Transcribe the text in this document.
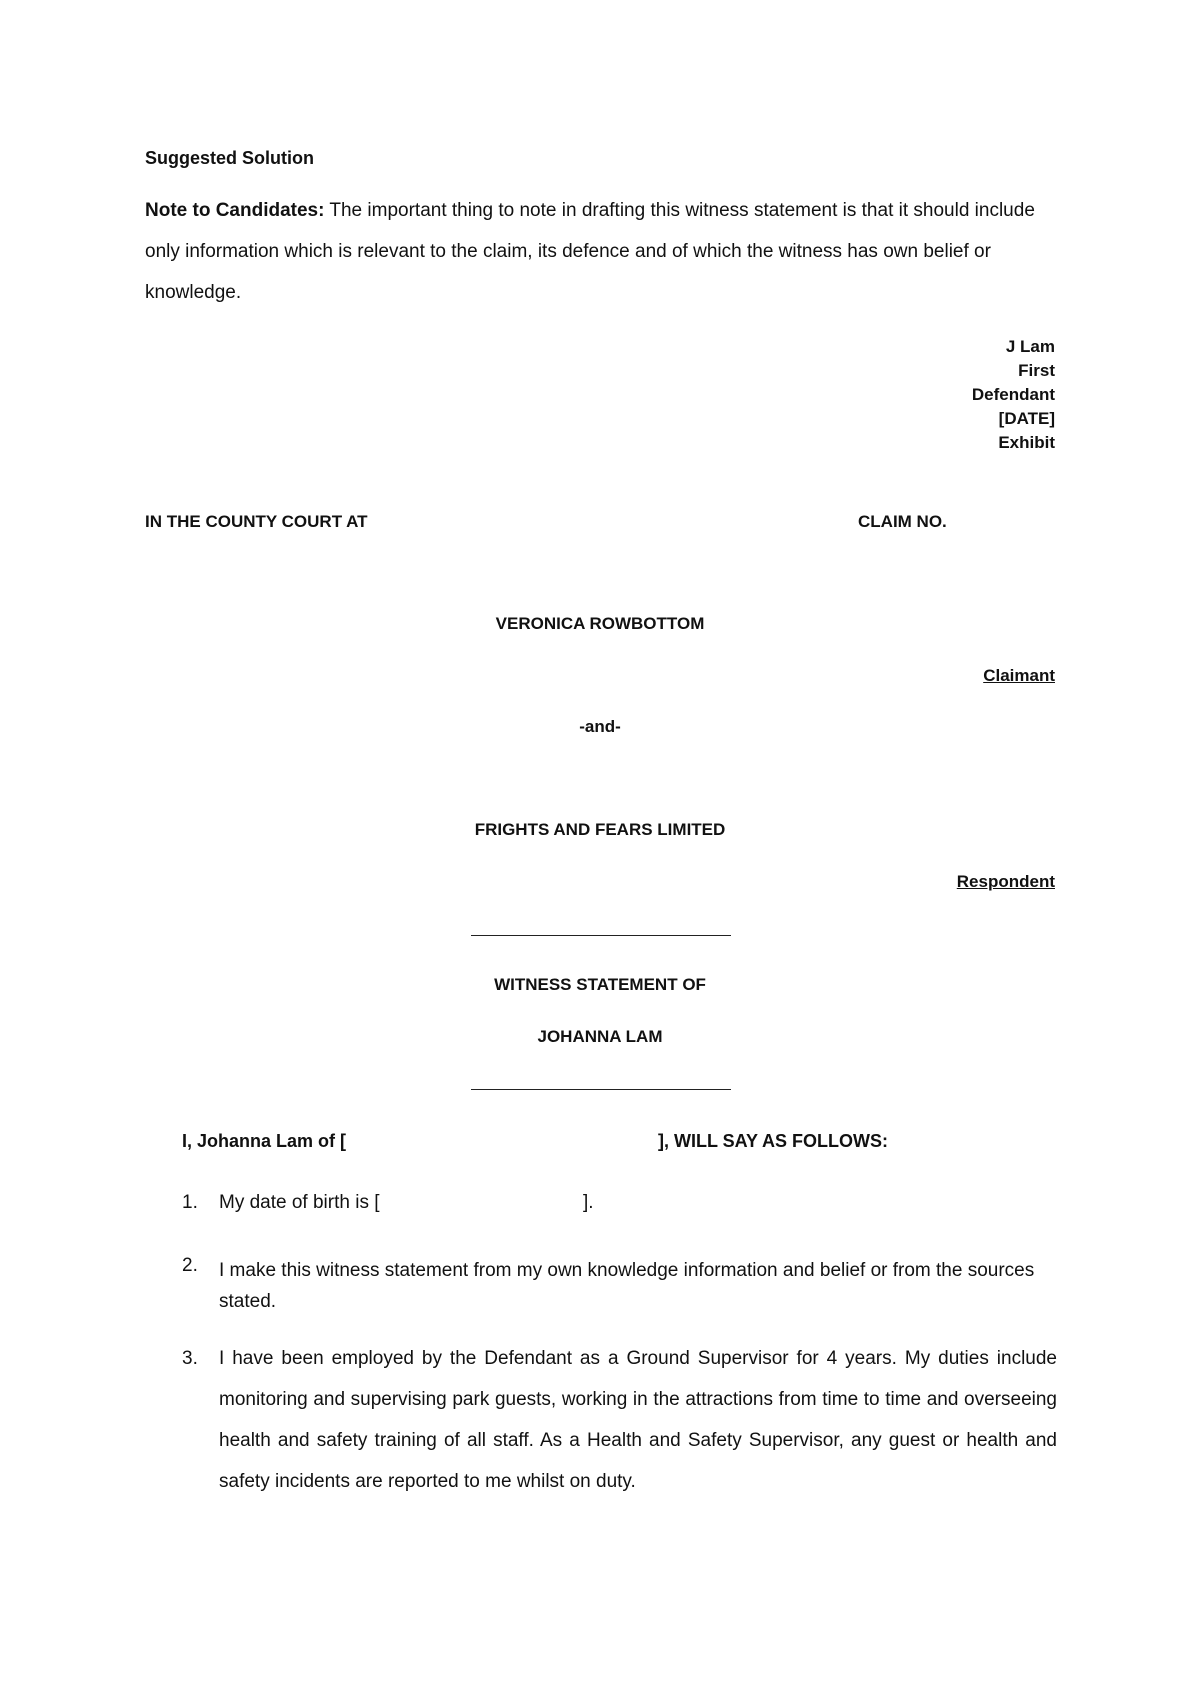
Suggested Solution
Note to Candidates: The important thing to note in drafting this witness statement is that it should include only information which is relevant to the claim, its defence and of which the witness has own belief or knowledge.
J Lam
First
Defendant
[DATE]
Exhibit
IN THE COUNTY COURT AT	CLAIM NO.
VERONICA ROWBOTTOM
Claimant
-and-
FRIGHTS AND FEARS LIMITED
Respondent
WITNESS STATEMENT OF
JOHANNA LAM
I, Johanna Lam of [	], WILL SAY AS FOLLOWS:
1.	My date of birth is [	].
2.	I make this witness statement from my own knowledge information and belief or from the sources stated.
3.	I have been employed by the Defendant as a Ground Supervisor for 4 years. My duties include monitoring and supervising park guests, working in the attractions from time to time and overseeing health and safety training of all staff. As a Health and Safety Supervisor, any guest or health and safety incidents are reported to me whilst on duty.
